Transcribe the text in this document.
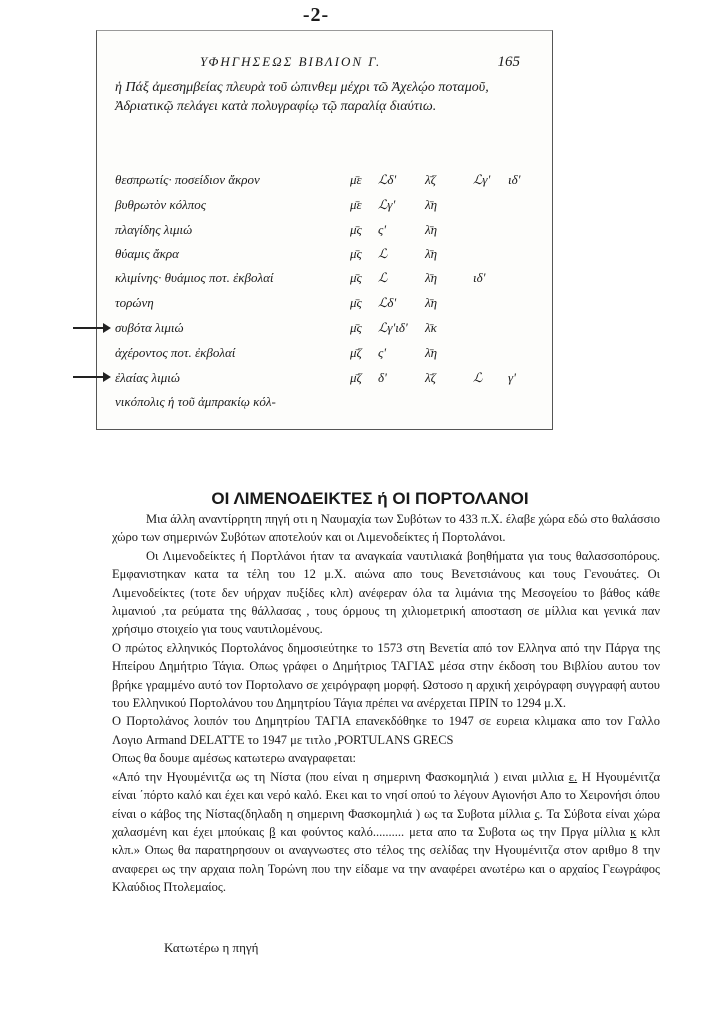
-2-
ΥΦΗΓΗΣΕΩΣ ΒΙΒΛΙΟΝ Γ.	165
ἡ Πάξ ἀμεσημβείας πλευρὰ τοῦ ὠπινθεμ μέχρι τῶ Ἀχελῴο ποταμοῦ, Ἀδριατικῷ πελάγει κατὰ πολυγραφίῳ τῷ παραλίᾳ διαύτιω.
θεσπρωτίς· ποσείδιον ἄκρον	μ̄ε	ℒδ'	λ̄ζ	ℒγ'	ιδ'
βυθρωτὸν κόλπος	μ̄ε	ℒγ'	λ̄η
πλαγίδης λιμιώ	μ̄ς	ς'	λ̄η
θύαμις ἄκρα	μ̄ς	ℒ	λ̄η
κλιμίνης· θυάμιος ποτ. ἐκβολαί	μ̄ς	ℒ	λ̄η	ιδ'
τορώνη	μ̄ς	ℒδ'	λ̄η
συβότα λιμιώ	μ̄ς	ℒγ'ιδ'	λ̄κ
ἀχέροντος ποτ. ἐκβολαί	μ̄ζ	ς'	λ̄η
ἐλαίας λιμιώ	μ̄ζ	δ'	λ̄ζ	ℒ	γ'
νικόπολις ἡ τοῦ ἀμπρακίῳ κόλ-
ΟΙ ΛΙΜΕΝΟΔΕΙΚΤΕΣ ή ΟΙ ΠΟΡΤΟΛΑΝΟΙ

Μια άλλη αναντίρρητη πηγή οτι η Ναυμαχία των Συβότων το 433 π.Χ. έλαβε χώρα εδώ στο θαλάσσιο χώρο των σημερινών Συβότων αποτελούν και οι Λιμενοδείκτες ή Πορτολάνοι.

Οι Λιμενοδείκτες ή Πορτλάνοι ήταν τα αναγκαία ναυτιλιακά βοηθήματα για τους θαλασσοπόρους. Εμφανιστηκαν κατα τα τέλη του 12 μ.Χ. αιώνα απο τους Βενετσιάνους και τους Γενουάτες. Οι Λιμενοδείκτες (τοτε δεν υήρχαν πυξίδες κλπ) ανέφεραν όλα τα λιμάνια της Μεσογείου το βάθος κάθε λιμανιού ,τα ρεύματα της θάλλασας , τους όρμους τη χιλιομετρική αποσταση σε μίλλια και γενικά παν χρήσιμο στοιχείο για τους ναυτιλομένους.

Ο πρώτος ελληνικός Πορτολάνος δημοσιεύτηκε το 1573 στη Βενετία από τον Ελληνα από την Πάργα της Ηπείρου Δημήτριο Τάγια. Οπως γράφει ο Δημήτριος ΤΑΓΙΑΣ μέσα στην έκδοση του Βιβλίου αυτου τον βρήκε γραμμένο αυτό τον Πορτολανο σε χειρόγραφη μορφή. Ωστοσο η αρχική χειρόγραφη συγγραφή αυτου του Ελληνικού Πορτολάνου του Δημητρίου Τάγια πρέπει να ανέρχεται ΠΡΙΝ το 1294 μ.Χ.

Ο Πορτολάνος λοιπόν του Δημητρίου ΤΑΓΙΑ επανεκδόθηκε το 1947 σε ευρεια κλιμακα απο τον Γαλλο Λογιο Armand DELATTE το 1947 με τιτλο ,PORTULANS GRECS

Οπως θα δουμε αμέσως κατωτερω αναγραφεται:

«Από την Ηγουμένιτζα ως τη Νίστα (που είναι η σημερινη Φασκομηλιά ) ειναι μιλλια ε. Η Ηγουμένιτζα είναι ΄πόρτο καλό και έχει και νερό καλό. Εκει και το νησί οπού το λέγουν Αγιονήσι Απο το Χειρονήσι όπου είναι ο κάβος της Νίστας(δηλαδη η σημερινη Φασκομηλιά ) ως τα Συβοτα μίλλια ς. Τα Σύβοτα είναι χώρα χαλασμένη και έχει μπούκαις β και φούντος καλό.......... μετα απο τα Συβοτα ως την Πργα μίλλια κ κλπ κλπ.» Οπως θα παρατηρησουν οι αναγνωστες στο τέλος της σελίδας την Ηγουμένιτζα στον αριθμο 8 την αναφερει ως την αρχαια πολη Τορώνη που την είδαμε να την αναφέρει ανωτέρω και ο αρχαίος Γεωγράφος Κλαύδιος Πτολεμαίος.

Κατωτέρω η πηγή
